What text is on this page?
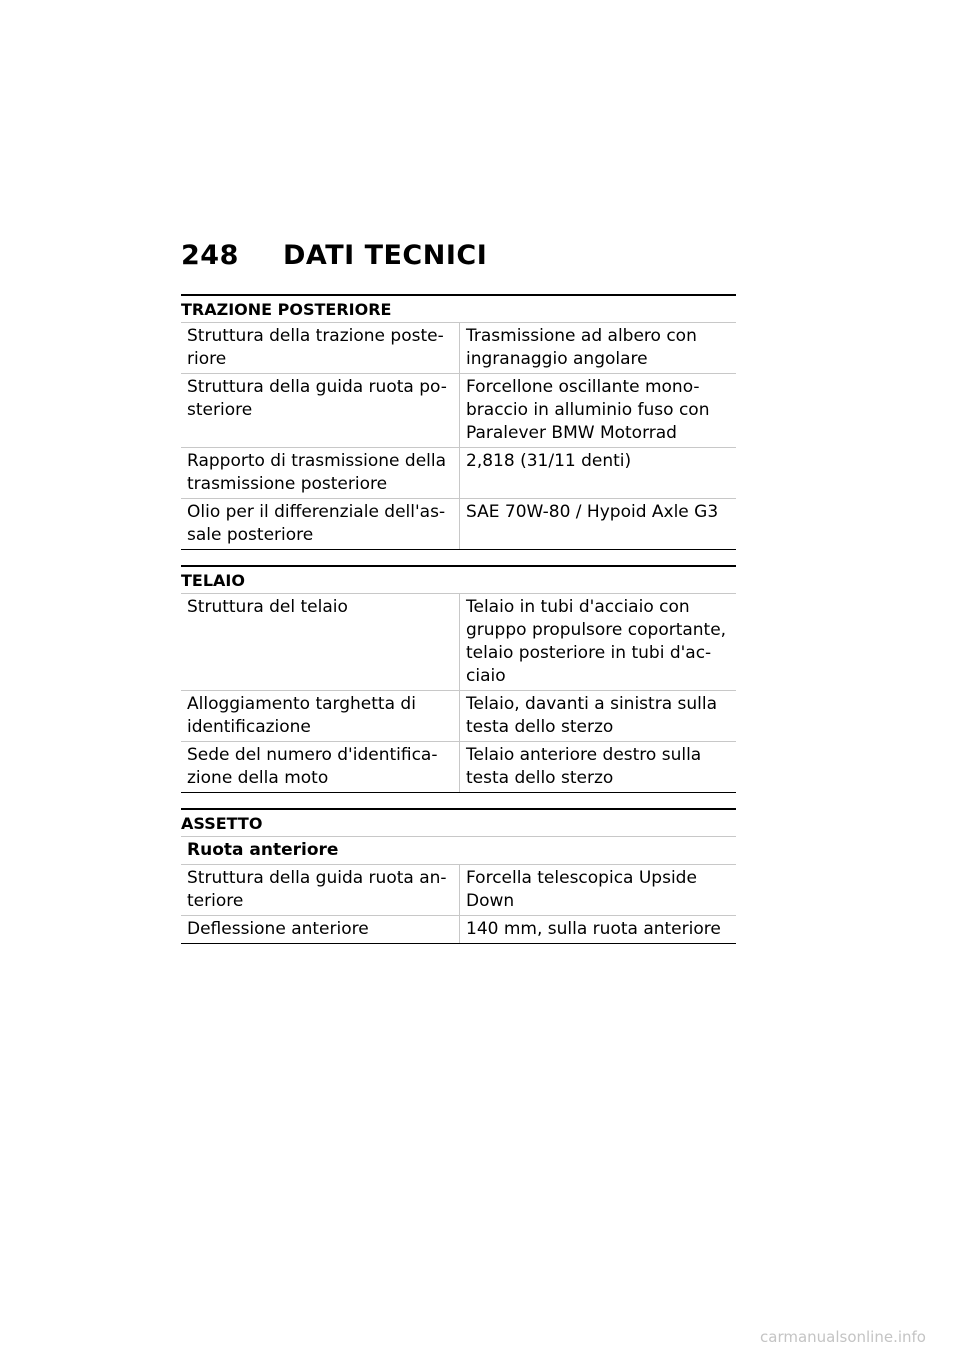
248	DATI TECNICI
TRAZIONE POSTERIORE
Struttura della trazione poste-riore	Trasmissione ad albero con ingranaggio angolare
Struttura della guida ruota po-steriore	Forcellone oscillante mono-braccio in alluminio fuso con Paralever BMW Motorrad
Rapporto di trasmissione della trasmissione posteriore	2,818 (31/11 denti)
Olio per il differenziale dell'as-sale posteriore	SAE 70W-80 / Hypoid Axle G3
TELAIO
Struttura del telaio	Telaio in tubi d'acciaio con gruppo propulsore coportante, telaio posteriore in tubi d'ac-ciaio
Alloggiamento targhetta di identificazione	Telaio, davanti a sinistra sulla testa dello sterzo
Sede del numero d'identifica-zione della moto	Telaio anteriore destro sulla testa dello sterzo
ASSETTO
Ruota anteriore	
Struttura della guida ruota an-teriore	Forcella telescopica Upside Down
Deflessione anteriore	140 mm, sulla ruota anteriore
carmanualsonline.info
